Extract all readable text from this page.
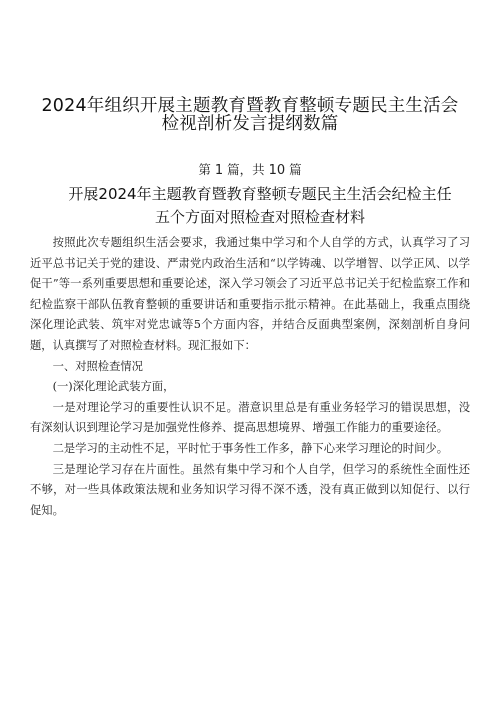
2024年组织开展主题教育暨教育整顿专题民主生活会
检视剖析发言提纲数篇
第 1 篇，共 10 篇
开展2024年主题教育暨教育整顿专题民主生活会纪检主任
五个方面对照检查对照检查材料

按照此次专题组织生活会要求，我通过集中学习和个人自学的方式，认真学习了习近平总书记关于党的建设、严肃党内政治生活和“以学铸魂、以学增智、以学正风、以学促干”等一系列重要思想和重要论述，深入学习领会了习近平总书记关于纪检监察工作和纪检监察干部队伍教育整顿的重要讲话和重要指示批示精神。在此基础上，我重点围绕深化理论武装、筑牢对党忠诚等5个方面内容，并结合反面典型案例，深刻剖析自身问题，认真撰写了对照检查材料。现汇报如下：

一、对照检查情况

(一)深化理论武装方面，

一是对理论学习的重要性认识不足。潜意识里总是有重业务轻学习的错误思想，没有深刻认识到理论学习是加强党性修养、提高思想境界、增强工作能力的重要途径。

二是学习的主动性不足，平时忙于事务性工作多，静下心来学习理论的时间少。

三是理论学习存在片面性。虽然有集中学习和个人自学，但学习的系统性全面性还不够，对一些具体政策法规和业务知识学习得不深不透，没有真正做到以知促行、以行促知。
